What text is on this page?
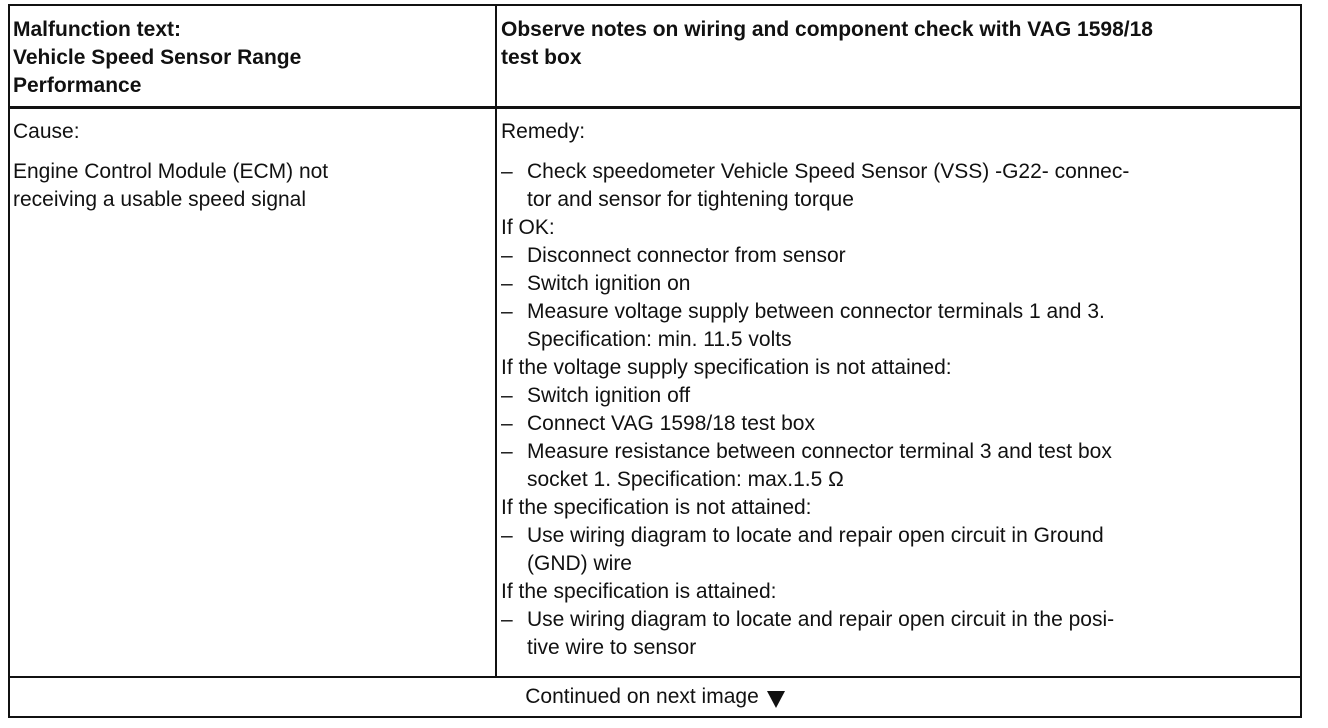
Malfunction text:
Vehicle Speed Sensor Range
Performance
Observe notes on wiring and component check with VAG 1598/18
test box
Cause:
Engine Control Module (ECM) not
receiving a usable speed signal
Remedy:
– Check speedometer Vehicle Speed Sensor (VSS) -G22- connec-
tor and sensor for tightening torque
If OK:
– Disconnect connector from sensor
– Switch ignition on
– Measure voltage supply between connector terminals 1 and 3.
Specification: min. 11.5 volts
If the voltage supply specification is not attained:
– Switch ignition off
– Connect VAG 1598/18 test box
– Measure resistance between connector terminal 3 and test box
socket 1. Specification: max.1.5 Ω
If the specification is not attained:
– Use wiring diagram to locate and repair open circuit in Ground
(GND) wire
If the specification is attained:
– Use wiring diagram to locate and repair open circuit in the posi-
tive wire to sensor
Continued on next image
